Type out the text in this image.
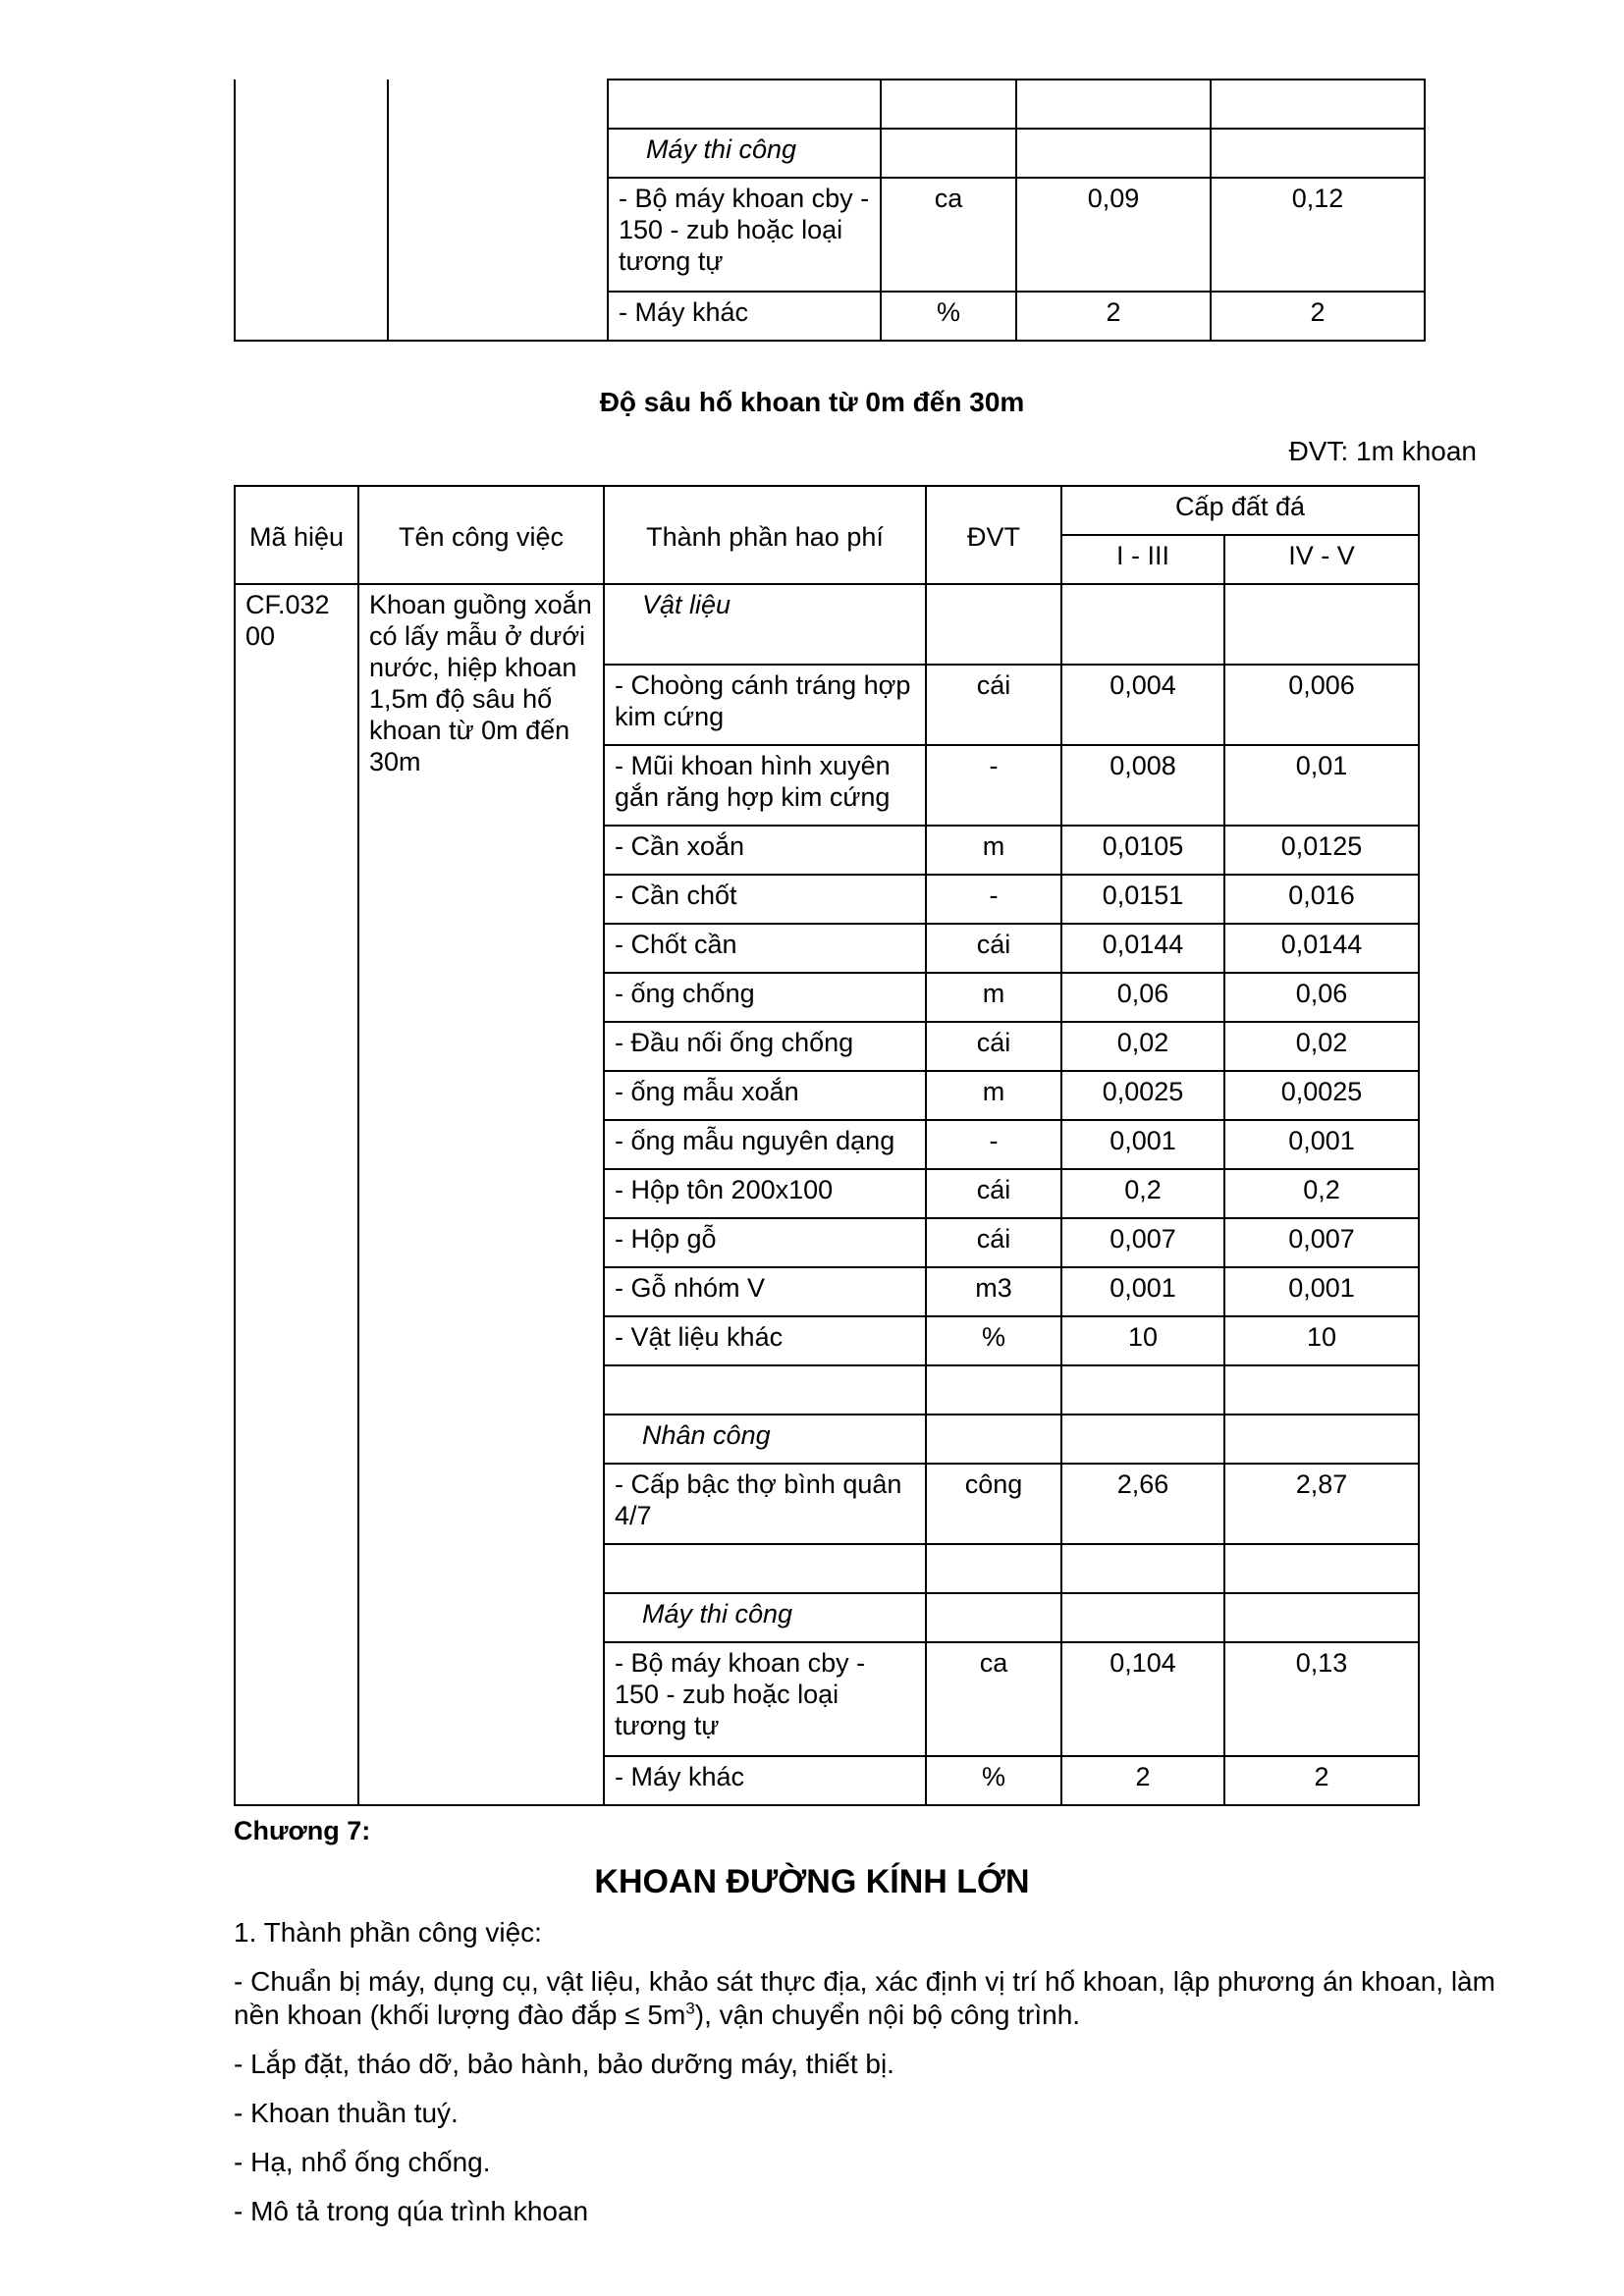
		Máy thi công			
		- Bộ máy khoan cby - 150 - zub hoặc loại tương tự	ca	0,09	0,12
		- Máy khác	%	2	2
Độ sâu hố khoan từ 0m đến 30m
ĐVT: 1m khoan
Mã hiệu	Tên công việc	Thành phần hao phí	ĐVT	Cấp đất đá	
				I - III	IV - V
CF.032 00	Khoan guồng xoắn có lấy mẫu ở dưới nước, hiệp khoan 1,5m độ sâu hố khoan từ 0m đến 30m	Vật liệu			
		- Choòng cánh tráng hợp kim cứng	cái	0,004	0,006
		- Mũi khoan hình xuyên gắn răng hợp kim cứng	-	0,008	0,01
		- Cần xoắn	m	0,0105	0,0125
		- Cần chốt	-	0,0151	0,016
		- Chốt cần	cái	0,0144	0,0144
		- ống chống	m	0,06	0,06
		- Đầu nối ống chống	cái	0,02	0,02
		- ống mẫu xoắn	m	0,0025	0,0025
		- ống mẫu nguyên dạng	-	0,001	0,001
		- Hộp tôn 200x100	cái	0,2	0,2
		- Hộp gỗ	cái	0,007	0,007
		- Gỗ nhóm V	m3	0,001	0,001
		- Vật liệu khác	%	10	10

		Nhân công			
		- Cấp bậc thợ bình quân 4/7	công	2,66	2,87

		Máy thi công			
		- Bộ máy khoan cby - 150 - zub hoặc loại tương tự	ca	0,104	0,13
		- Máy khác	%	2	2
Chương 7:
KHOAN ĐƯỜNG KÍNH LỚN

1. Thành phần công việc:

- Chuẩn bị máy, dụng cụ, vật liệu, khảo sát thực địa, xác định vị trí hố khoan, lập phương án khoan, làm nền khoan (khối lượng đào đắp ≤ $5m^3$), vận chuyển nội bộ công trình.

- Lắp đặt, tháo dỡ, bảo hành, bảo dưỡng máy, thiết bị.

- Khoan thuần tuý.

- Hạ, nhổ ống chống.

- Mô tả trong qúa trình khoan
